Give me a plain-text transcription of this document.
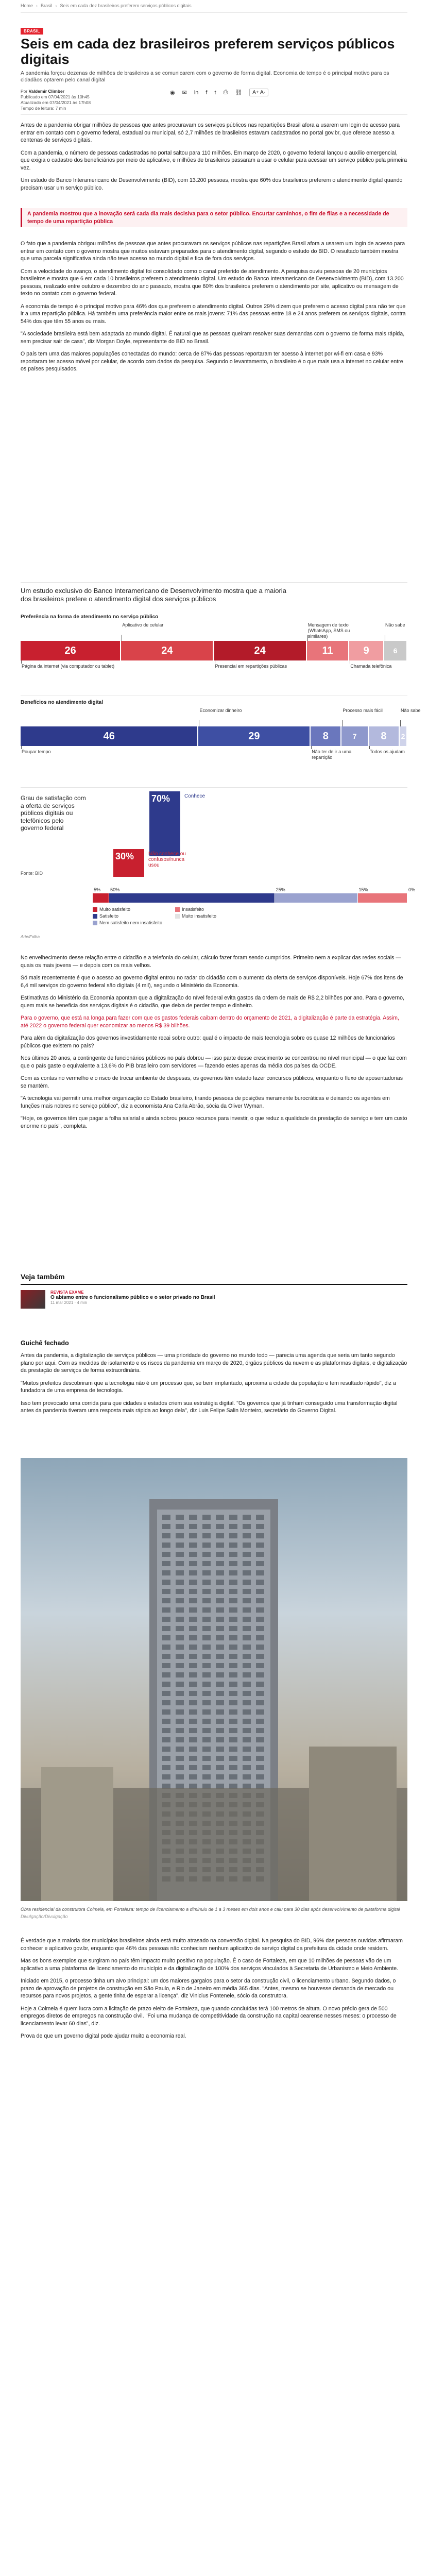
Home › Brasil › Seis em cada dez brasileiros preferem serviços públicos digitais
BRASIL
Seis em cada dez brasileiros preferem serviços públicos digitais

A pandemia forçou dezenas de milhões de brasileiros a se comunicarem com o governo de forma digital. Economia de tempo é o principal motivo para os cidadãos optarem pelo canal digital

Por Valdemir Climber
Publicado em 07/04/2021 às 10h45
Atualizado em 07/04/2021 às 17h08
Tempo de leitura: 7 min
◉ ✉ in f t ⎙ ⛓	A+ A-

Antes de a pandemia obrigar milhões de pessoas que antes procuravam os serviços públicos nas repartições Brasil afora a usarem um login de acesso para entrar em contato com o governo federal, estadual ou municipal, só 2,7 milhões de brasileiros estavam cadastrados no portal gov.br, que oferece acesso a centenas de serviços digitais.

Com a pandemia, o número de pessoas cadastradas no portal saltou para 110 milhões. Em março de 2020, o governo federal lançou o auxílio emergencial, que exigia o cadastro dos beneficiários por meio de aplicativo, e milhões de brasileiros passaram a usar o celular para acessar um serviço público pela primeira vez.

Um estudo do Banco Interamericano de Desenvolvimento (BID), com 13.200 pessoas, mostra que 60% dos brasileiros preferem o atendimento digital quando precisam usar um serviço público.

A pandemia mostrou que a inovação será cada dia mais decisiva para o setor público. Encurtar caminhos, o fim de filas e a necessidade de tempo de uma repartição pública

O fato que a pandemia obrigou milhões de pessoas que antes procuravam os serviços públicos nas repartições Brasil afora a usarem um login de acesso para entrar em contato com o governo mostra que muitos estavam preparados para o atendimento digital, segundo o estudo do BID. O resultado também mostra que uma parcela significativa ainda não teve acesso ao mundo digital e fica de fora dos serviços.

Com a velocidade do avanço, o atendimento digital foi consolidado como o canal preferido de atendimento. A pesquisa ouviu pessoas de 20 municípios brasileiros e mostra que 6 em cada 10 brasileiros preferem o atendimento digital. Um estudo do Banco Interamericano de Desenvolvimento (BID), com 13.200 pessoas, realizado entre outubro e dezembro do ano passado, mostra que 60% dos brasileiros preferem o atendimento por site, aplicativo ou mensagem de texto no contato com o governo federal.

A economia de tempo é o principal motivo para 46% dos que preferem o atendimento digital. Outros 29% dizem que preferem o acesso digital para não ter que ir a uma repartição pública. Há também uma preferência maior entre os mais jovens: 71% das pessoas entre 18 e 24 anos preferem os serviços digitais, contra 54% dos que têm 55 anos ou mais.

"A sociedade brasileira está bem adaptada ao mundo digital. É natural que as pessoas queiram resolver suas demandas com o governo de forma mais rápida, sem precisar sair de casa", diz Morgan Doyle, representante do BID no Brasil.

O país tem uma das maiores populações conectadas do mundo: cerca de 87% das pessoas reportaram ter acesso à internet por wi-fi em casa e 93% reportaram ter acesso móvel por celular, de acordo com dados da pesquisa. Segundo o levantamento, o brasileiro é o que mais usa a internet no celular entre os países pesquisados.

Um estudo exclusivo do Banco Interamericano de Desenvolvimento mostra que a maioria dos brasileiros prefere o atendimento digital dos serviços públicos
Preferência na forma de atendimento no serviço público
26
Página da internet (via computador ou tablet)
24
Aplicativo de celular
24
Presencial em repartições públicas
11
Mensagem de texto (WhatsApp, SMS ou similares)
9
Chamada telefônica
6
Não sabe
Benefícios no atendimento digital
46
Poupar tempo
29
Economizar dinheiro
8
Não ter de ir a uma repartição
7
Processo mais fácil
8
Todos os ajudam
2
Não sabe
Grau de satisfação com a oferta de serviços públicos digitais ou telefônicos pelo governo federal
Fonte: BID
70%	Conhece
30%	Não conhece ou confusos/nunca usou
5% 50%	25%	15%	0%
Muito satisfeito
Satisfeito
Nem satisfeito nem insatisfeito
Insatisfeito
Muito insatisfeito
Arte/Folha

No envelhecimento desse relação entre o cidadão e a telefonia do celular, cálculo fazer foram sendo cumpridos. Primeiro nem a explicar das redes sociais — quais os mais jovens — e depois com os mais velhos.

Só mais recentemente é que o acesso ao governo digital entrou no radar do cidadão com o aumento da oferta de serviços disponíveis. Hoje 67% dos itens de 6,4 mil serviços do governo federal são digitais (4 mil), segundo o Ministério da Economia.

Estimativas do Ministério da Economia apontam que a digitalização do nível federal evita gastos da ordem de mais de R$ 2,2 bilhões por ano. Para o governo, quem mais se beneficia dos serviços digitais é o cidadão, que deixa de perder tempo e dinheiro.

Para o governo, que está na longa para fazer com que os gastos federais caibam dentro do orçamento de 2021, a digitalização é parte da estratégia. Assim, até 2022 o governo federal quer economizar ao menos R$ 39 bilhões.

Para além da digitalização dos governos investidamente recai sobre outro: qual é o impacto de mais tecnologia sobre os quase 12 milhões de funcionários públicos que existem no país?

Nos últimos 20 anos, a contingente de funcionários públicos no país dobrou — isso parte desse crescimento se concentrou no nível municipal — o que faz com que o país gaste o equivalente a 13,6% do PIB brasileiro com servidores — fazendo estes apenas da média dos países da OCDE.

Com as contas no vermelho e o risco de trocar ambiente de despesas, os governos têm estado fazer concursos públicos, enquanto o fluxo de aposentadorias se mantém.

"A tecnologia vai permitir uma melhor organização do Estado brasileiro, tirando pessoas de posições meramente burocráticas e deixando os agentes em funções mais nobres no serviço público", diz a economista Ana Carla Abrão, sócia da Oliver Wyman.

"Hoje, os governos têm que pagar a folha salarial e ainda sobrou pouco recursos para investir, o que reduz a qualidade da prestação de serviço e tem um custo enorme no país", completa.

Veja também
REVISTA EXAME
O abismo entre o funcionalismo público e o setor privado no Brasil
11 mar 2021 · 4 min
Guichê fechado

Antes da pandemia, a digitalização de serviços públicos — uma prioridade do governo no mundo todo — parecia uma agenda que seria um tanto segundo plano por aqui. Com as medidas de isolamento e os riscos da pandemia em março de 2020, órgãos públicos da nuvem e as plataformas digitais, e digitalização da prestação de serviços de forma extraordinária.

"Muitos prefeitos descobriram que a tecnologia não é um processo que, se bem implantado, aproxima a cidade da população e tem resultado rápido", diz a fundadora de uma empresa de tecnologia.

Isso tem provocado uma corrida para que cidades e estados criem sua estratégia digital. "Os governos que já tinham conseguido uma transformação digital antes da pandemia tiveram uma resposta mais rápida ao longo dela", diz Luis Felipe Salin Monteiro, secretário do Governo Digital.

Obra residencial da construtora Colmeia, em Fortaleza: tempo de licenciamento a diminuiu de 1 a 3 meses em dois anos e caiu para 30 dias após desenvolvimento de plataforma digital
Divulgação/Divulgação

É verdade que a maioria dos municípios brasileiros ainda está muito atrasado na conversão digital. Na pesquisa do BID, 96% das pessoas ouvidas afirmaram conhecer e aplicativo gov.br, enquanto que 46% das pessoas não conheciam nenhum aplicativo de serviço digital da prefeitura da cidade onde residem.

Mas os bons exemplos que surgiram no país têm impacto muito positivo na população. É o caso de Fortaleza, em que 10 milhões de pessoas vão de um aplicativo a uma plataforma de licenciamento do município e da digitalização de 100% dos serviços vinculados à Secretaria de Urbanismo e Meio Ambiente.

Iniciado em 2015, o processo tinha um alvo principal: um dos maiores gargalos para o setor da construção civil, o licenciamento urbano. Segundo dados, o prazo de aprovação de projetos de construção em São Paulo, e Rio de Janeiro em média 365 dias. "Antes, mesmo se houvesse demanda de mercado ou recursos para novos projetos, a gente tinha de esperar a licença", diz Vinicius Fontenele, sócio da construtora.

Hoje a Colmeia é quem lucra com a licitação de prazo eleito de Fortaleza, que quando concluídas terá 100 metros de altura. O novo prédio gera de 500 empregos diretos de empregos na construção civil. "Foi uma mudança de competitividade da construção na capital cearense nesses meses: o processo de licenciamento levar 60 dias", diz.

Prova de que um governo digital pode ajudar muito a economia real.
